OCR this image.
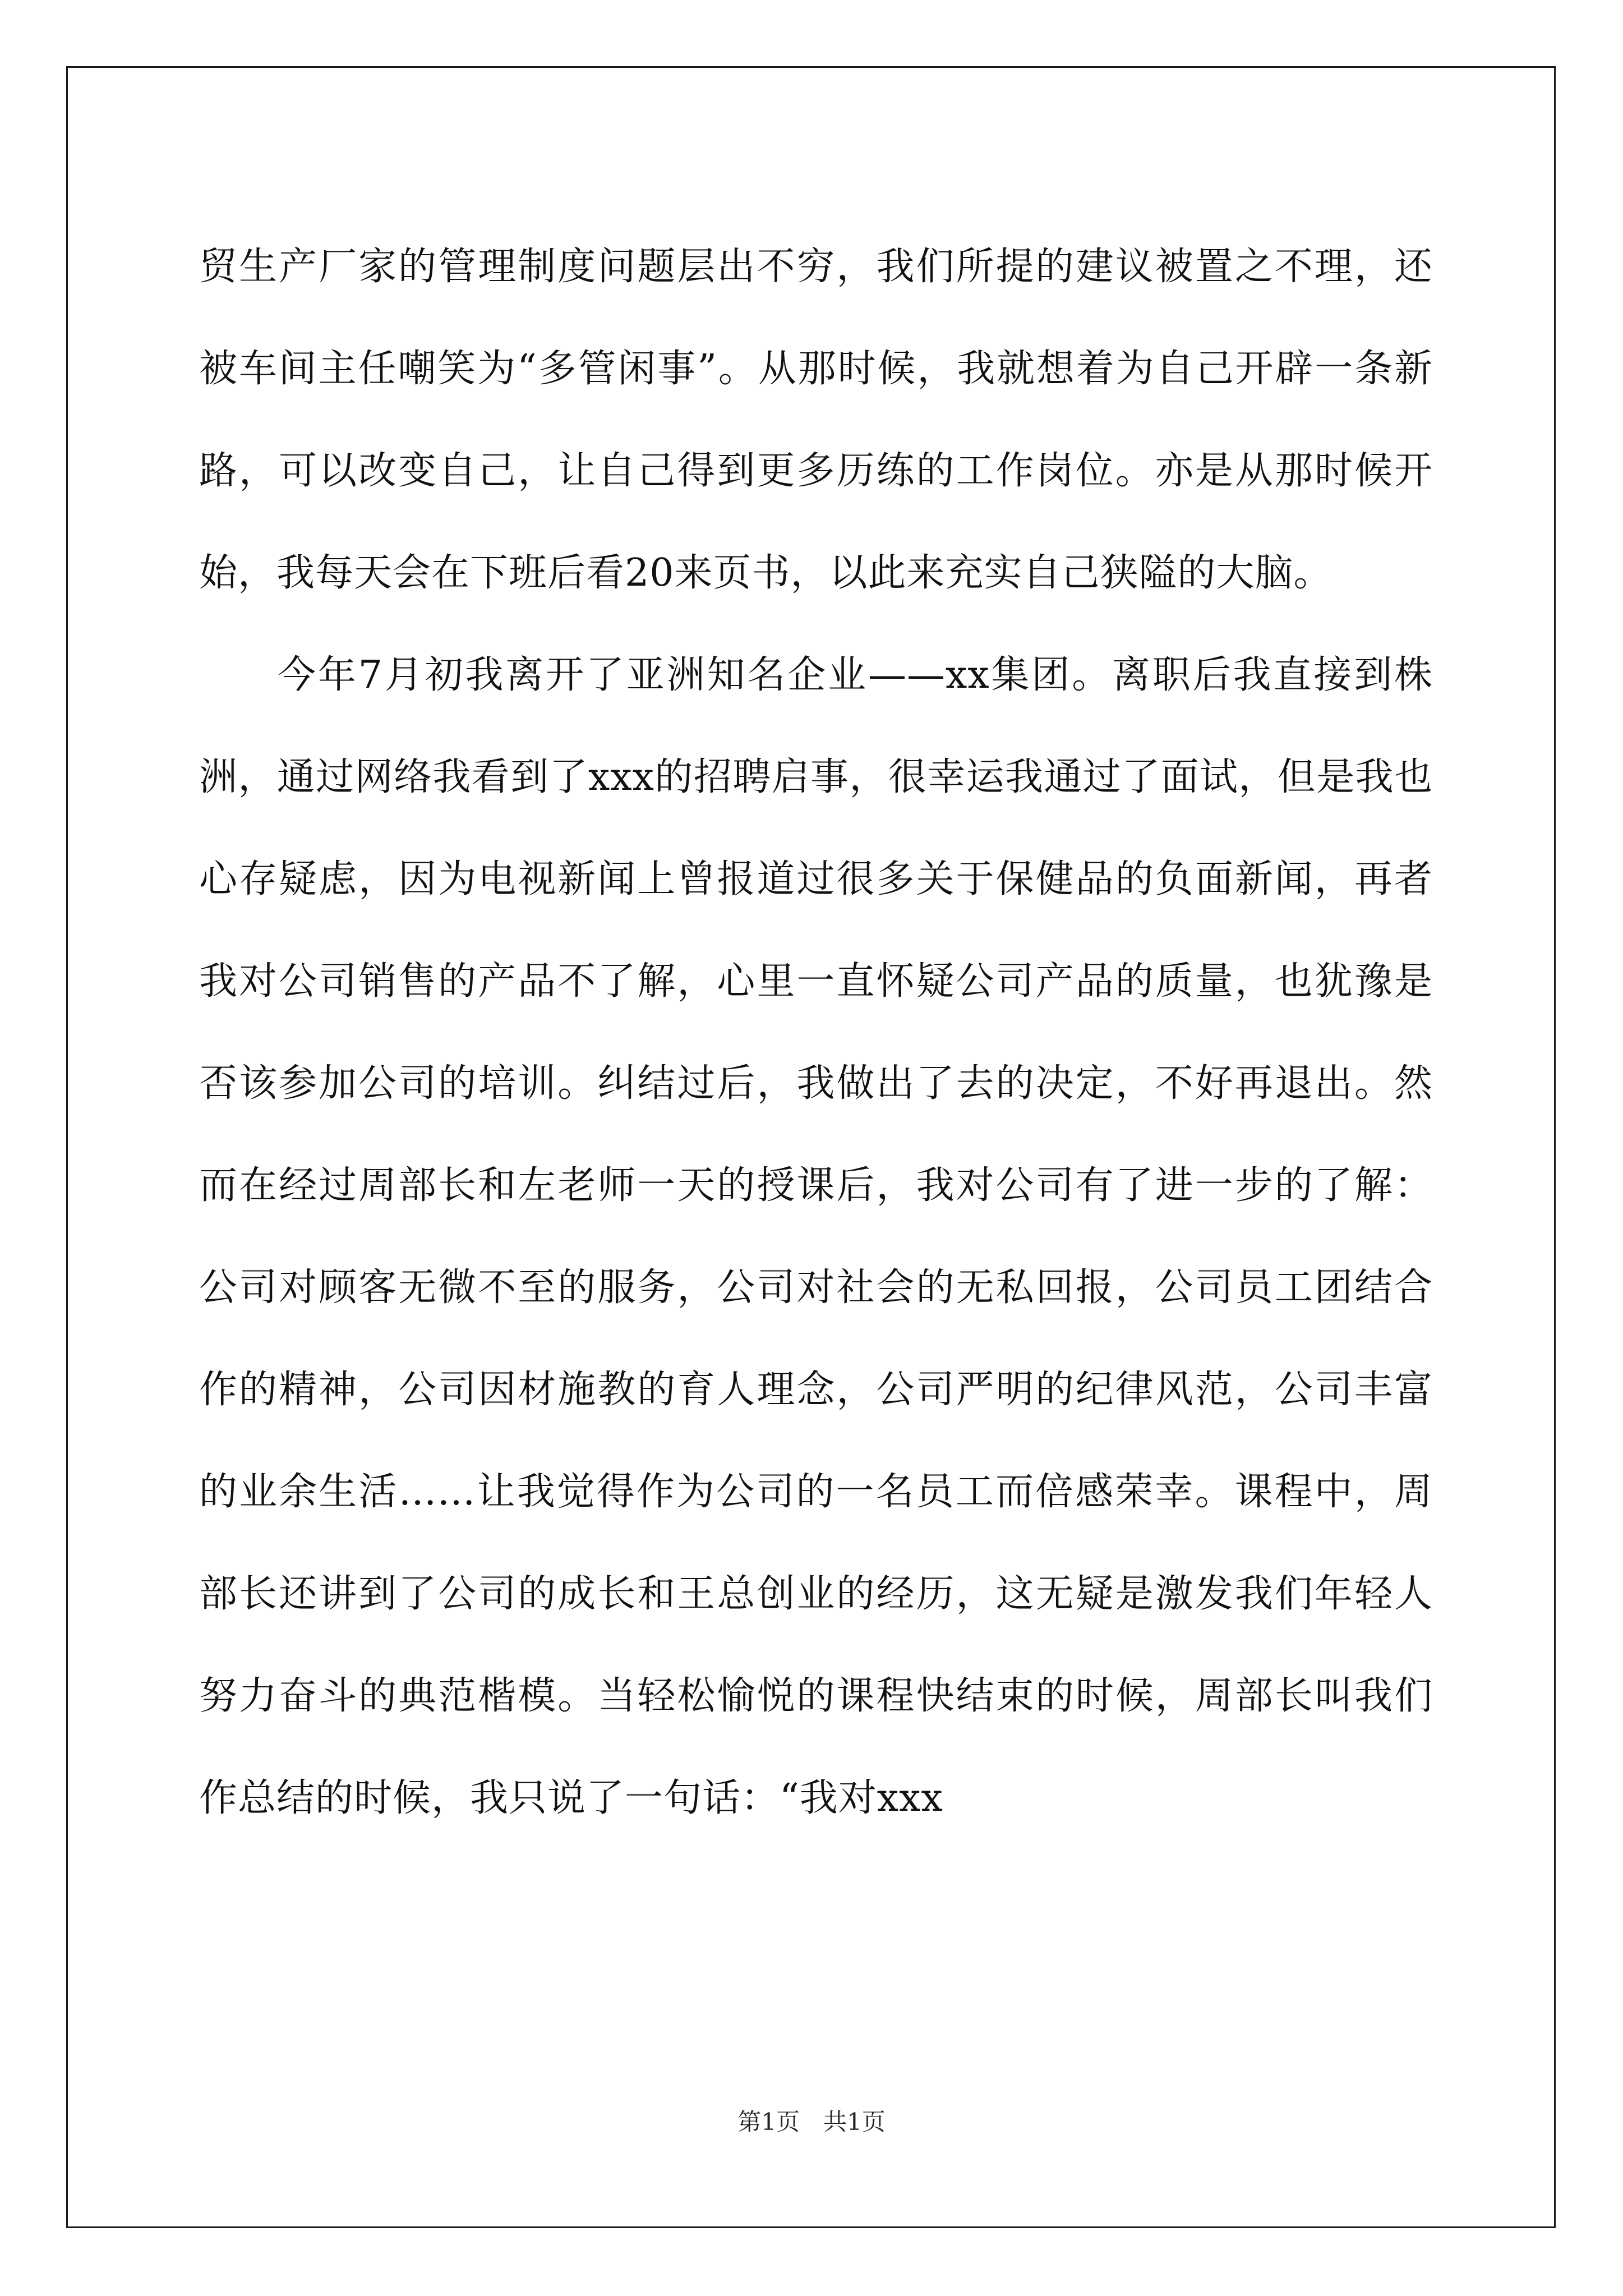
贸生产厂家的管理制度问题层出不穷，我们所提的建议被置之不理，还被车间主任嘲笑为“多管闲事”。从那时候，我就想着为自己开辟一条新路，可以改变自己，让自己得到更多历练的工作岗位。亦是从那时候开始，我每天会在下班后看20来页书，以此来充实自己狭隘的大脑。

今年7月初我离开了亚洲知名企业——xx集团。离职后我直接到株洲，通过网络我看到了xxx的招聘启事，很幸运我通过了面试，但是我也心存疑虑，因为电视新闻上曾报道过很多关于保健品的负面新闻，再者我对公司销售的产品不了解，心里一直怀疑公司产品的质量，也犹豫是否该参加公司的培训。纠结过后，我做出了去的决定，不好再退出。然而在经过周部长和左老师一天的授课后，我对公司有了进一步的了解：公司对顾客无微不至的服务，公司对社会的无私回报，公司员工团结合作的精神，公司因材施教的育人理念，公司严明的纪律风范，公司丰富的业余生活……让我觉得作为公司的一名员工而倍感荣幸。课程中，周部长还讲到了公司的成长和王总创业的经历，这无疑是激发我们年轻人努力奋斗的典范楷模。当轻松愉悦的课程快结束的时候，周部长叫我们作总结的时候，我只说了一句话：“我对xxx

第1页　共1页
